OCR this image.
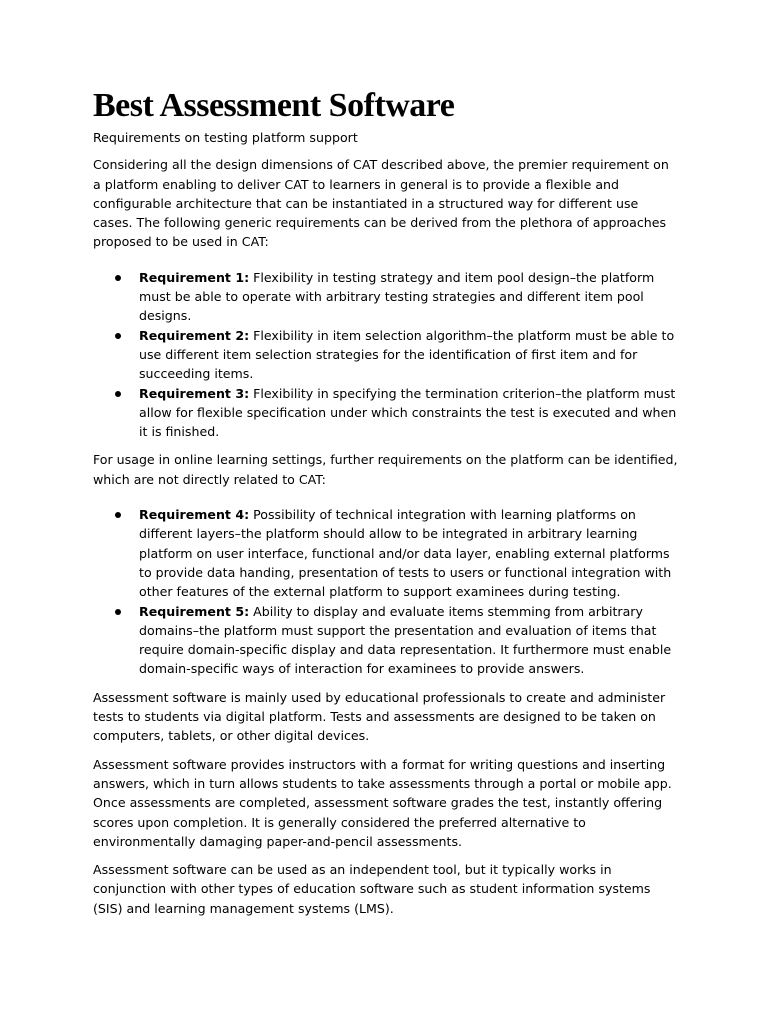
Best Assessment Software
Requirements on testing platform support

Considering all the design dimensions of CAT described above, the premier requirement on a platform enabling to deliver CAT to learners in general is to provide a flexible and configurable architecture that can be instantiated in a structured way for different use cases. The following generic requirements can be derived from the plethora of approaches proposed to be used in CAT:

Requirement 1: Flexibility in testing strategy and item pool design–the platform must be able to operate with arbitrary testing strategies and different item pool designs.
Requirement 2: Flexibility in item selection algorithm–the platform must be able to use different item selection strategies for the identification of first item and for succeeding items.
Requirement 3: Flexibility in specifying the termination criterion–the platform must allow for flexible specification under which constraints the test is executed and when it is finished.

For usage in online learning settings, further requirements on the platform can be identified, which are not directly related to CAT:

Requirement 4: Possibility of technical integration with learning platforms on different layers–the platform should allow to be integrated in arbitrary learning platform on user interface, functional and/or data layer, enabling external platforms to provide data handing, presentation of tests to users or functional integration with other features of the external platform to support examinees during testing.
Requirement 5: Ability to display and evaluate items stemming from arbitrary domains–the platform must support the presentation and evaluation of items that require domain-specific display and data representation. It furthermore must enable domain-specific ways of interaction for examinees to provide answers.

Assessment software is mainly used by educational professionals to create and administer tests to students via digital platform. Tests and assessments are designed to be taken on computers, tablets, or other digital devices.

Assessment software provides instructors with a format for writing questions and inserting answers, which in turn allows students to take assessments through a portal or mobile app. Once assessments are completed, assessment software grades the test, instantly offering scores upon completion. It is generally considered the preferred alternative to environmentally damaging paper-and-pencil assessments.

Assessment software can be used as an independent tool, but it typically works in conjunction with other types of education software such as student information systems (SIS) and learning management systems (LMS).
